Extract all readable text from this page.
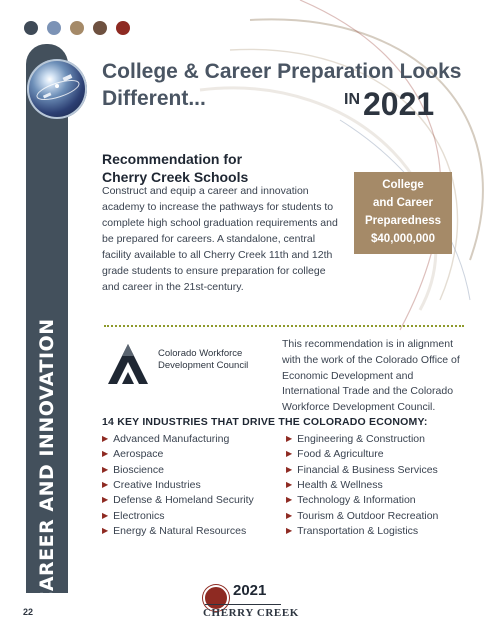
CAREER AND INNOVATION
22
College & Career Preparation Looks
Different...	IN2021
Recommendation for
Cherry Creek Schools
Construct and equip a career and innovation academy to increase the pathways for students to complete high school graduation requirements and be prepared for careers. A standalone, central facility available to all Cherry Creek 11th and 12th grade students to ensure preparation for college and career in the 21st-century.
College
and Career
Preparedness
$40,000,000
Colorado Workforce
Development Council
This recommendation is in alignment with the work of the Colorado Office of Economic Development and International Trade and the Colorado Workforce Development Council.
14 KEY INDUSTRIES THAT DRIVE THE COLORADO ECONOMY:
▶ Advanced Manufacturing
▶ Aerospace
▶ Bioscience
▶ Creative Industries
▶ Defense & Homeland Security
▶ Electronics
▶ Energy & Natural Resources
▶ Engineering & Construction
▶ Food & Agriculture
▶ Financial & Business Services
▶ Health & Wellness
▶ Technology & Information
▶ Tourism & Outdoor Recreation
▶ Transportation & Logistics
2021
CHERRY CREEK
